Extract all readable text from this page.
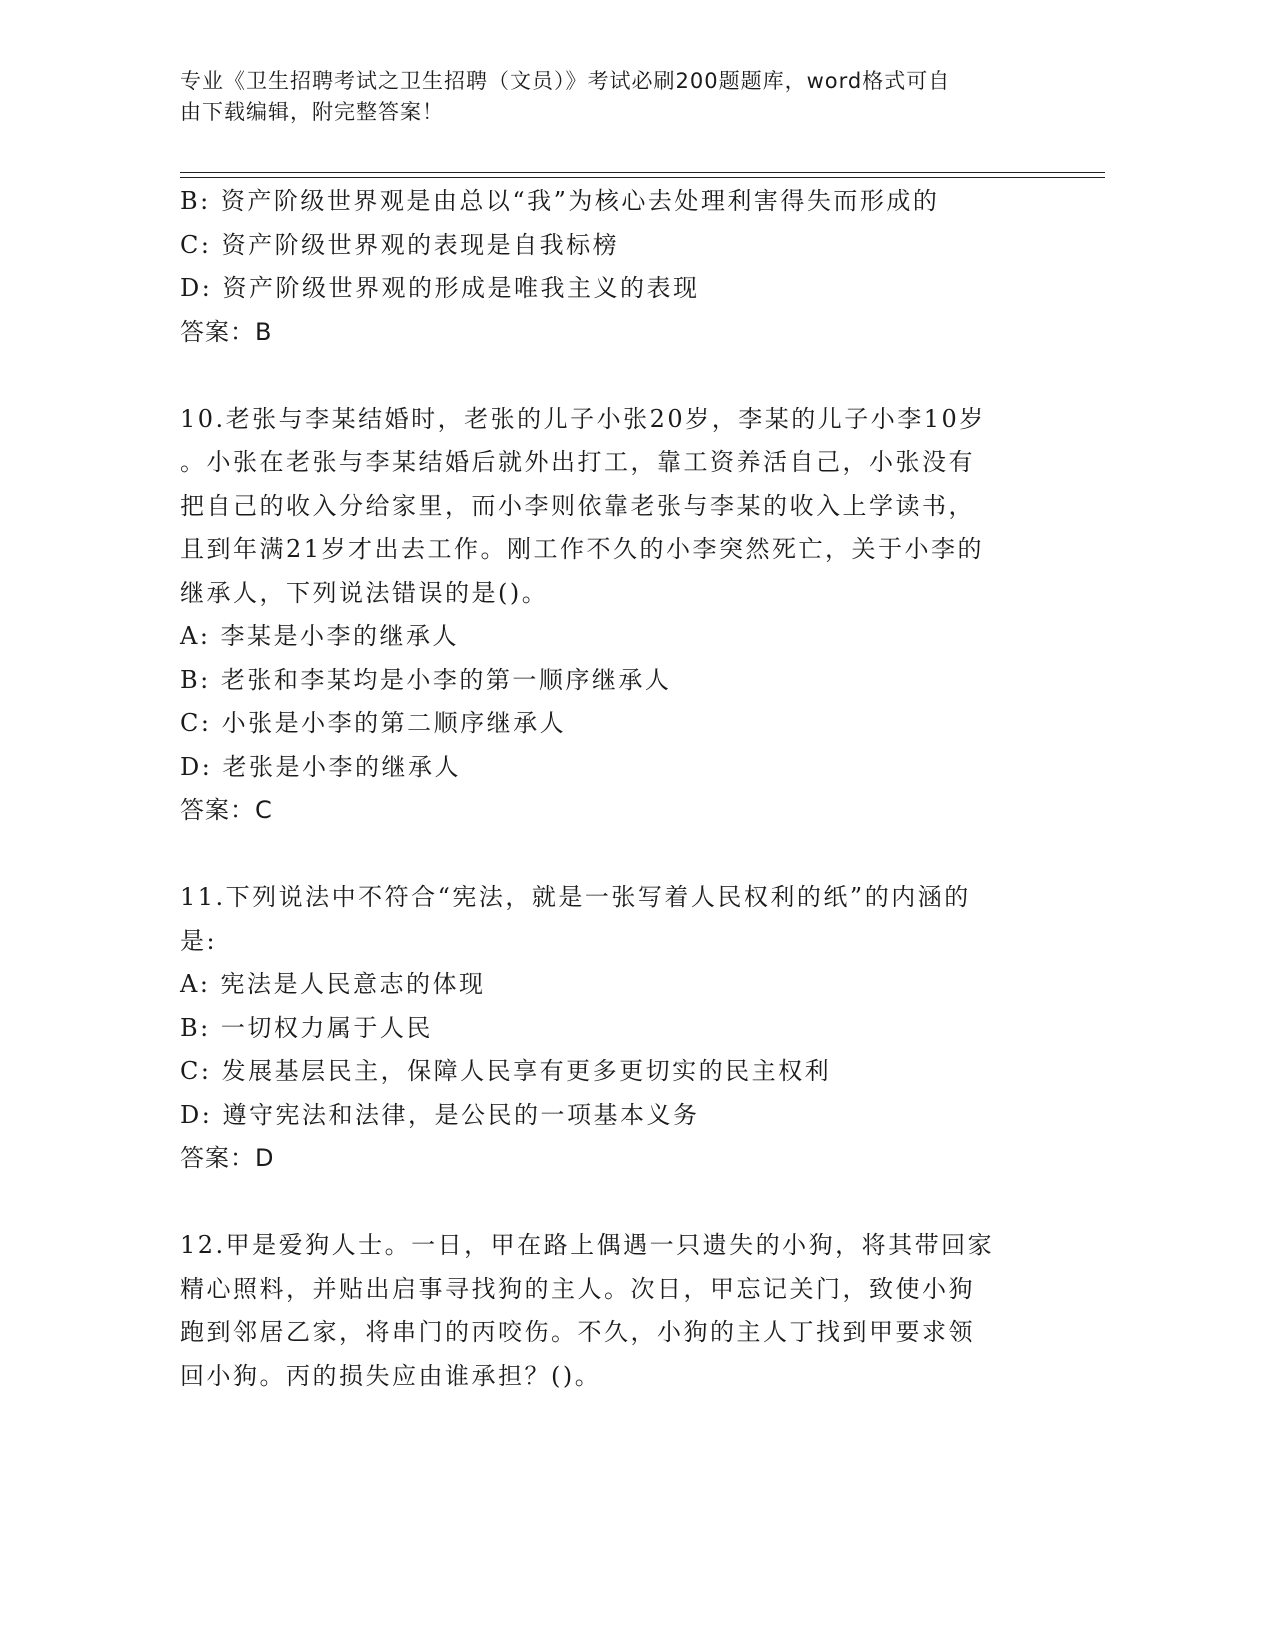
专业《卫生招聘考试之卫生招聘（文员）》考试必刷200题题库，word格式可自
由下载编辑，附完整答案！
B: 资产阶级世界观是由总以“我”为核心去处理利害得失而形成的
C: 资产阶级世界观的表现是自我标榜
D: 资产阶级世界观的形成是唯我主义的表现
答案：B
10.老张与李某结婚时，老张的儿子小张20岁，李某的儿子小李10岁
。小张在老张与李某结婚后就外出打工，靠工资养活自己，小张没有
把自己的收入分给家里，而小李则依靠老张与李某的收入上学读书，
且到年满21岁才出去工作。刚工作不久的小李突然死亡，关于小李的
继承人，下列说法错误的是()。
A: 李某是小李的继承人
B: 老张和李某均是小李的第一顺序继承人
C: 小张是小李的第二顺序继承人
D: 老张是小李的继承人
答案：C
11.下列说法中不符合“宪法，就是一张写着人民权利的纸”的内涵的
是:
A: 宪法是人民意志的体现
B: 一切权力属于人民
C: 发展基层民主，保障人民享有更多更切实的民主权利
D: 遵守宪法和法律，是公民的一项基本义务
答案：D
12.甲是爱狗人士。一日，甲在路上偶遇一只遗失的小狗，将其带回家
精心照料，并贴出启事寻找狗的主人。次日，甲忘记关门，致使小狗
跑到邻居乙家，将串门的丙咬伤。不久，小狗的主人丁找到甲要求领
回小狗。丙的损失应由谁承担？()。
